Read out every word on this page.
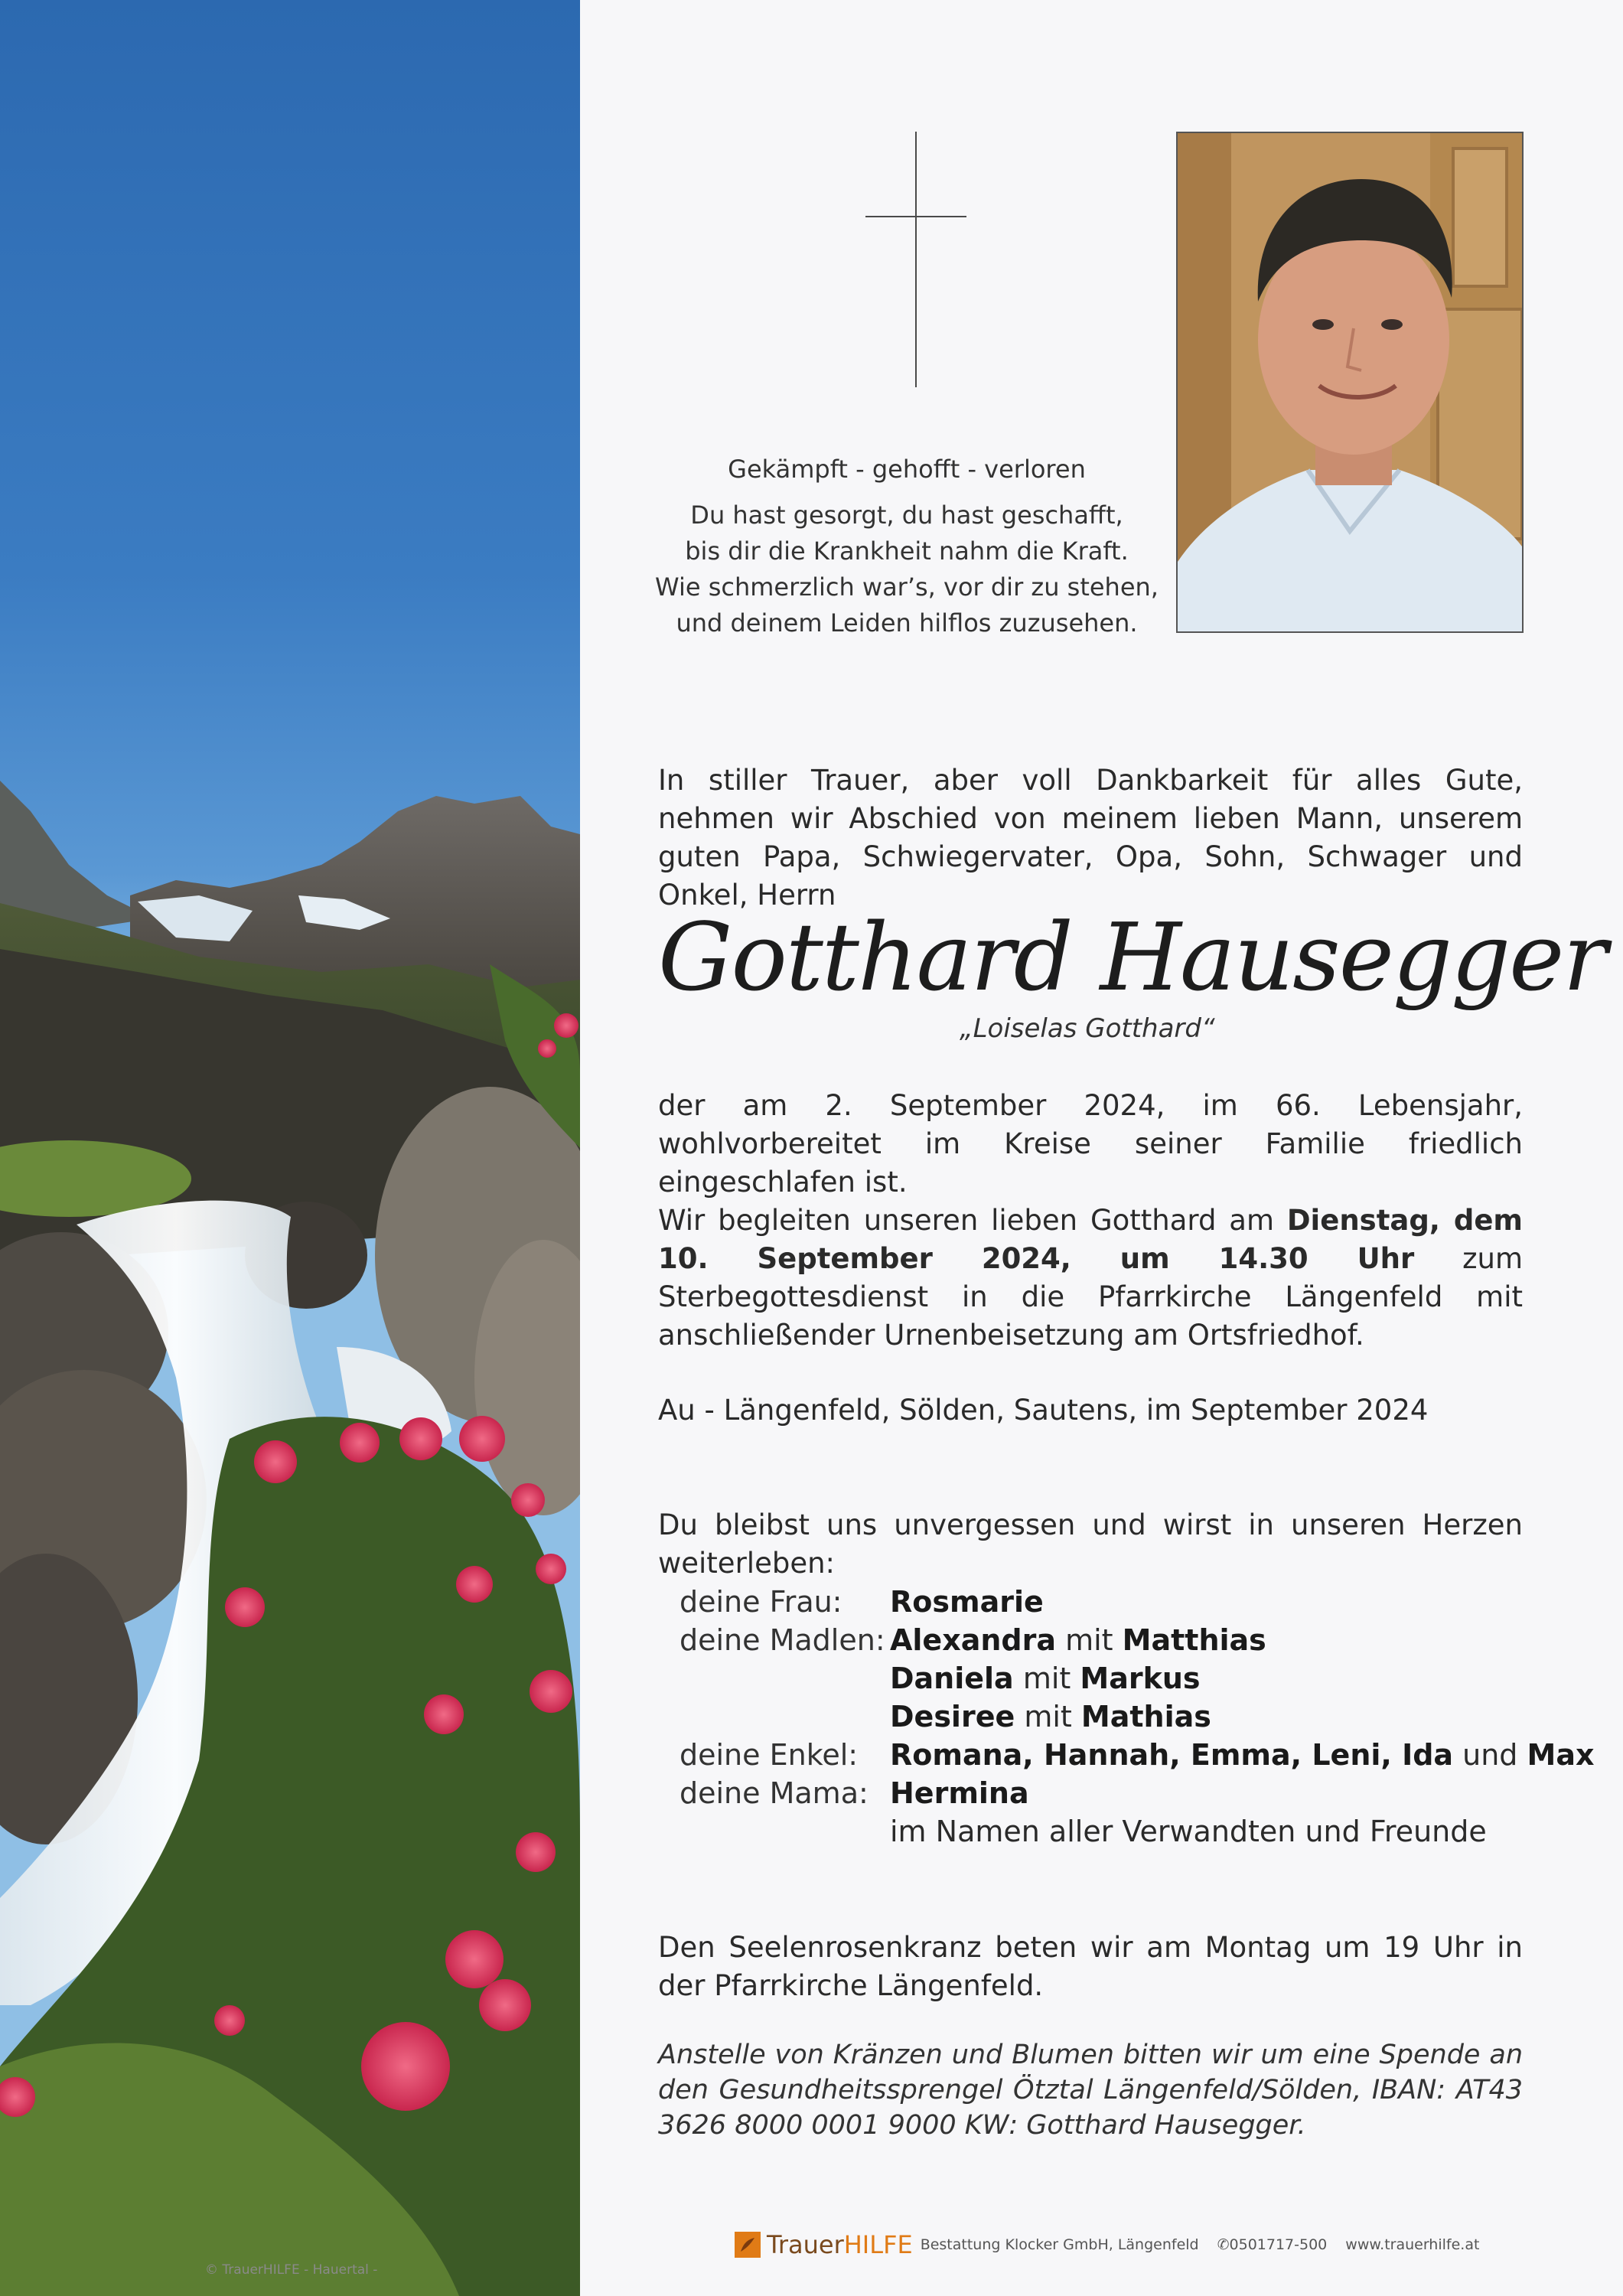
© TrauerHILFE - Hauertal -
Gekämpft - gehofft - verloren
Du hast gesorgt, du hast geschafft,
bis dir die Krankheit nahm die Kraft.
Wie schmerzlich war’s, vor dir zu stehen,
und deinem Leiden hilflos zuzusehen.
In stiller Trauer, aber voll Dankbarkeit für alles Gute, nehmen wir Abschied von meinem lieben Mann, unserem guten Papa, Schwiegervater, Opa, Sohn, Schwager und Onkel, Herrn
Gotthard Hausegger
„Loiselas Gotthard“
der am 2. September 2024, im 66. Lebensjahr, wohlvorbereitet im Kreise seiner Familie friedlich eingeschlafen ist.
Wir begleiten unseren lieben Gotthard am Dienstag, dem 10. September 2024, um 14.30 Uhr zum Sterbegottesdienst in die Pfarrkirche Längenfeld mit anschließender Urnenbeisetzung am Ortsfriedhof.
Au - Längenfeld, Sölden, Sautens, im September 2024
Du bleibst uns unvergessen und wirst in unseren Herzen weiterleben:
deine Frau:	Rosmarie
deine Madlen: Alexandra mit Matthias
Daniela mit Markus
Desiree mit Mathias
deine Enkel:	Romana, Hannah, Emma, Leni, Ida und Max
deine Mama: Hermina
im Namen aller Verwandten und Freunde
Den Seelenrosenkranz beten wir am Montag um 19 Uhr in der Pfarrkirche Längenfeld.
Anstelle von Kränzen und Blumen bitten wir um eine Spende an den Gesundheitssprengel Ötztal Längenfeld/Sölden, IBAN: AT43 3626 8000 0001 9000 KW: Gotthard Hausegger.
TrauerHILFE Bestattung Klocker GmbH, Längenfeld ✆0501717-500 www.trauerhilfe.at
